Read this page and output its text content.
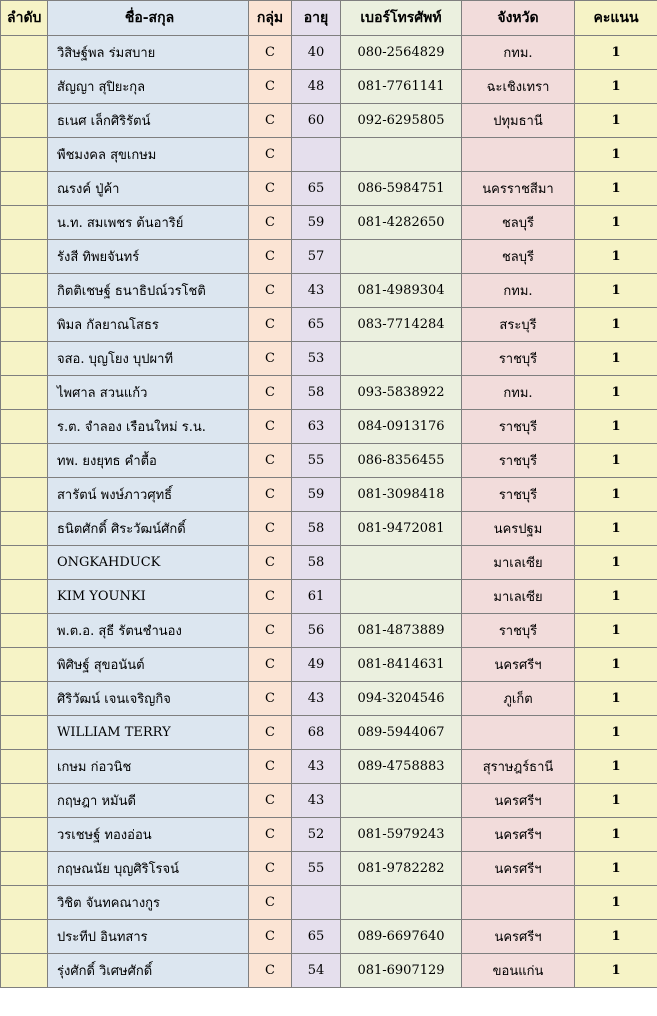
ลำดับ	ชื่อ-สกุล	กลุ่ม	อายุ	เบอร์โทรศัพท์	จังหวัด	คะแนน
	วิสิษฐ์พล ร่มสบาย	C	40	080-2564829	กทม.	1
	สัญญา สุปิยะกุล	C	48	081-7761141	ฉะเชิงเทรา	1
	ธเนศ เล็กศิริรัตน์	C	60	092-6295805	ปทุมธานี	1
	พืชมงคล สุขเกษม	C				1
	ณรงค์ ปู่ค้า	C	65	086-5984751	นครราชสีมา	1
	น.ท. สมเพชร ต้นอาริย์	C	59	081-4282650	ชลบุรี	1
	รังสี ทิพยจันทร์	C	57		ชลบุรี	1
	กิตติเชษฐ์ ธนาธิปณ์วรโชติ	C	43	081-4989304	กทม.	1
	พิมล กัลยาณโสธร	C	65	083-7714284	สระบุรี	1
	จสอ. บุญโยง บุปผาที	C	53		ราชบุรี	1
	ไพศาล สวนแก้ว	C	58	093-5838922	กทม.	1
	ร.ต. จำลอง เรือนใหม่ ร.น.	C	63	084-0913176	ราชบุรี	1
	ทพ. ยงยุทธ คำตื้อ	C	55	086-8356455	ราชบุรี	1
	สารัตน์ พงษ์ภาวศุทธิ์	C	59	081-3098418	ราชบุรี	1
	ธนิตศักดิ์ ศิระวัฒน์ศักดิ์	C	58	081-9472081	นครปฐม	1
	ONGKAHDUCK	C	58		มาเลเซีย	1
	KIM YOUNKI	C	61		มาเลเซีย	1
	พ.ต.อ. สุธี รัตนชำนอง	C	56	081-4873889	ราชบุรี	1
	พิศิษฐ์ สุขอนันต์	C	49	081-8414631	นครศรีฯ	1
	ศิริวัฒน์ เจนเจริญกิจ	C	43	094-3204546	ภูเก็ต	1
	WILLIAM TERRY	C	68	089-5944067		1
	เกษม ก่อวนิช	C	43	089-4758883	สุราษฎร์ธานี	1
	กฤษฎา หมันดี	C	43		นครศรีฯ	1
	วรเชษฐ์ ทองอ่อน	C	52	081-5979243	นครศรีฯ	1
	กฤษณนัย บุญศิริโรจน์	C	55	081-9782282	นครศรีฯ	1
	วิชิต จันทคณางกูร	C				1
	ประทีป อินทสาร	C	65	089-6697640	นครศรีฯ	1
	รุ่งศักดิ์ วิเศษศักดิ์	C	54	081-6907129	ขอนแก่น	1
